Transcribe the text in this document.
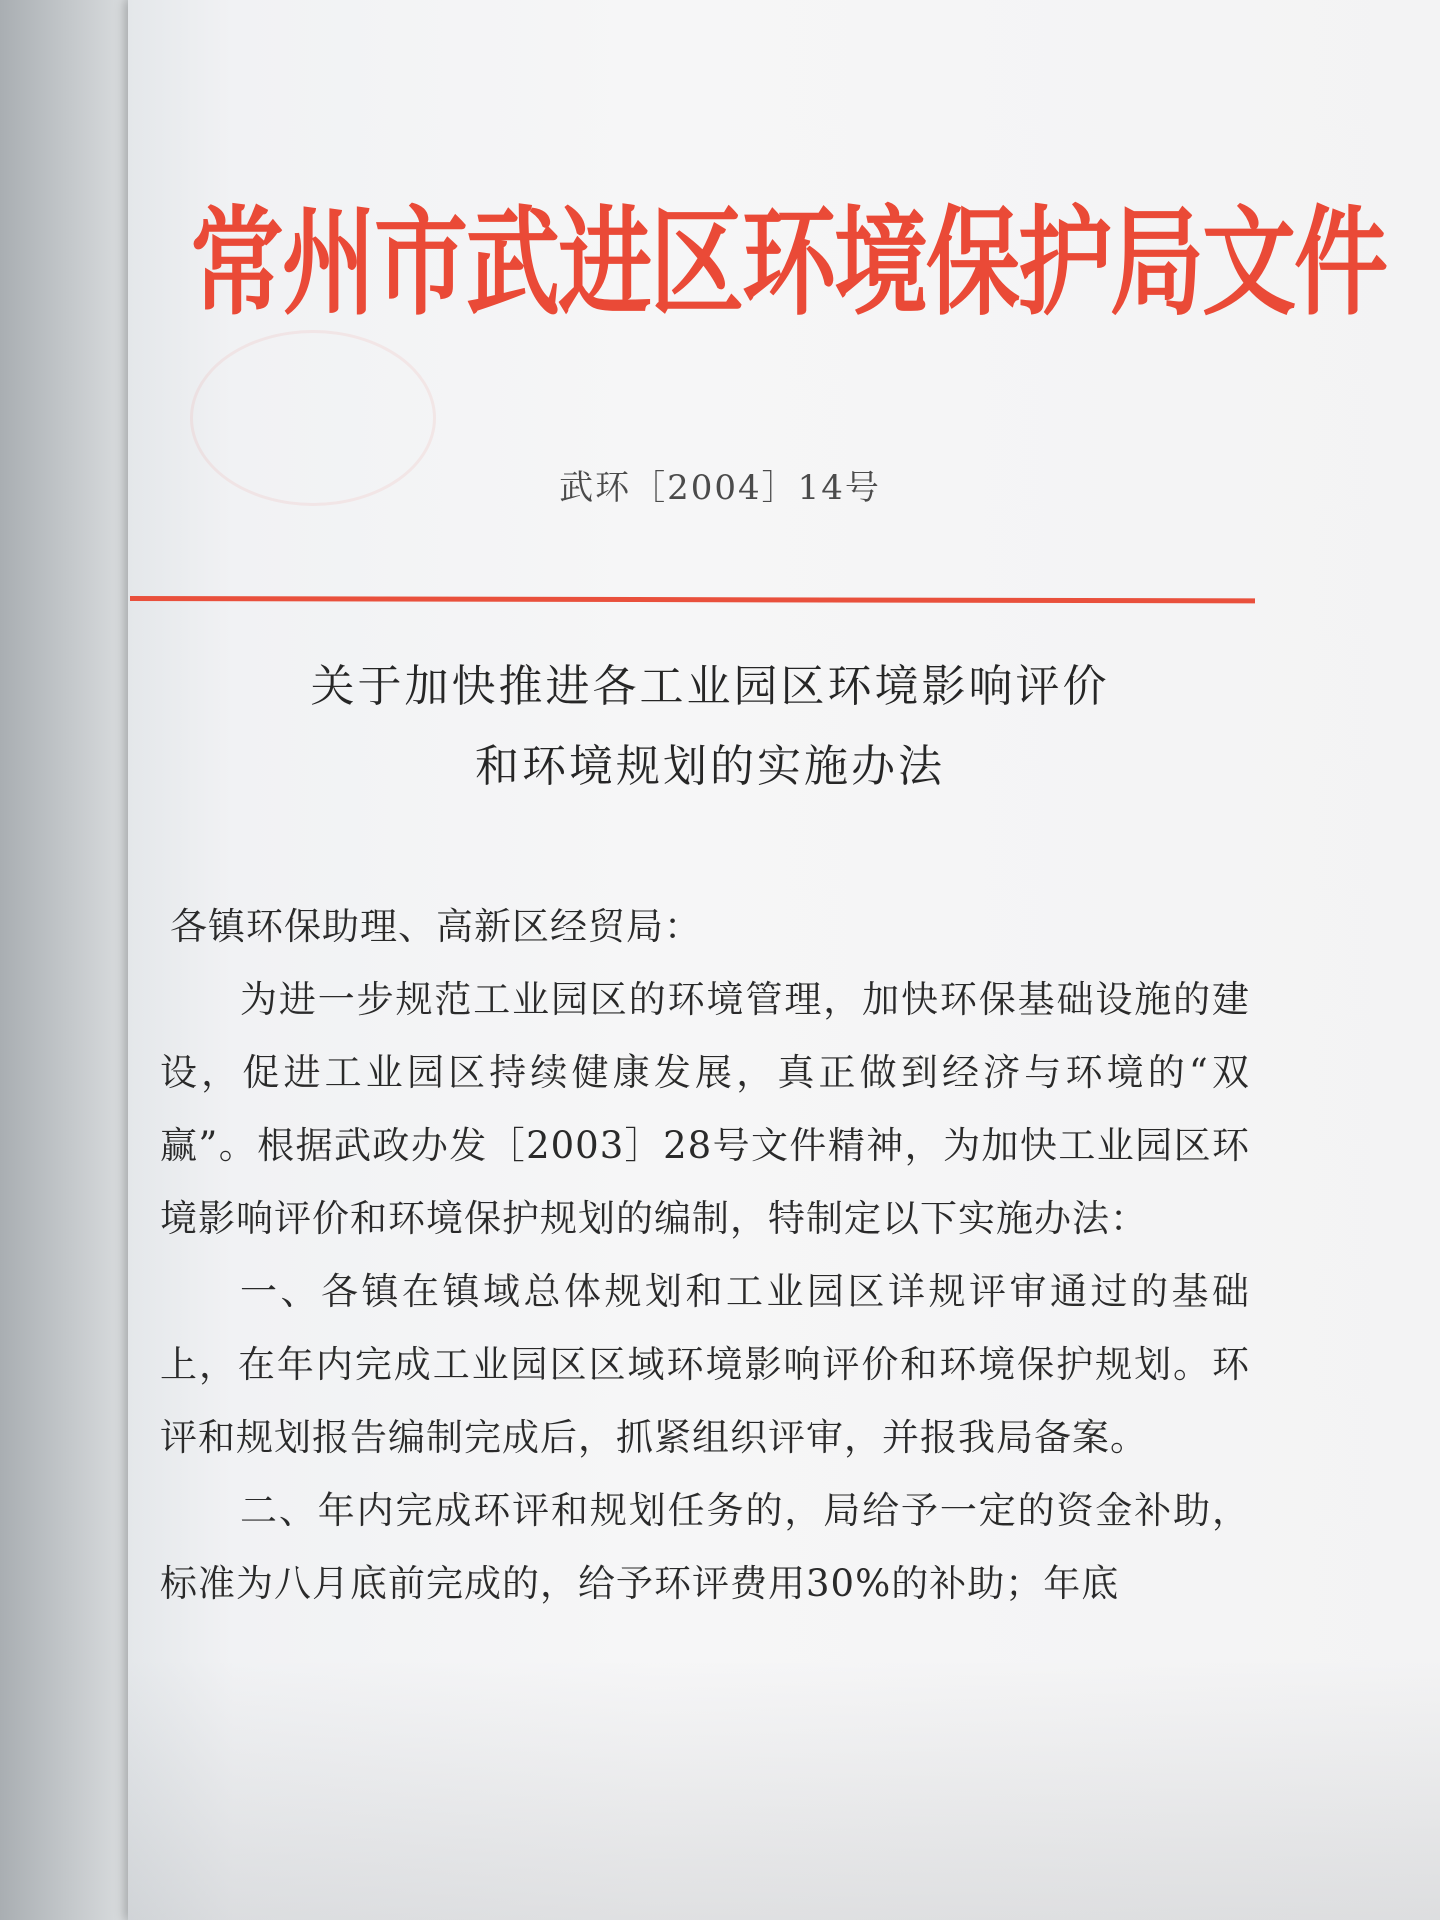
常州市武进区环境保护局文件
武环［2004］14号
关于加快推进各工业园区环境影响评价
和环境规划的实施办法

各镇环保助理、高新区经贸局：

为进一步规范工业园区的环境管理，加快环保基础设施的建设，促进工业园区持续健康发展，真正做到经济与环境的“双赢”。根据武政办发［2003］28号文件精神，为加快工业园区环境影响评价和环境保护规划的编制，特制定以下实施办法：

一、各镇在镇域总体规划和工业园区详规评审通过的基础上，在年内完成工业园区区域环境影响评价和环境保护规划。环评和规划报告编制完成后，抓紧组织评审，并报我局备案。

二、年内完成环评和规划任务的，局给予一定的资金补助，标准为八月底前完成的，给予环评费用30%的补助；年底
